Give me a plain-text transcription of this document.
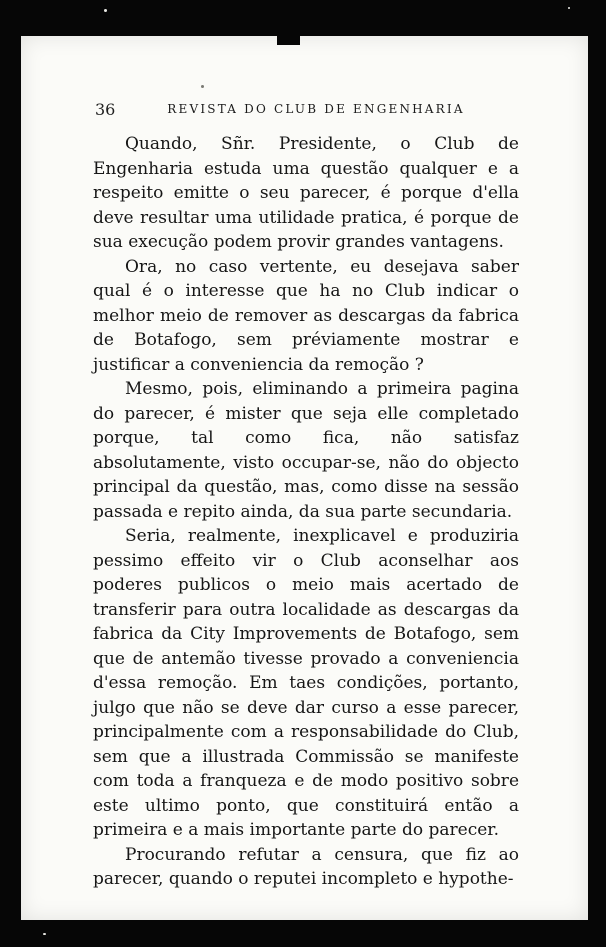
36	REVISTA DO CLUB DE ENGENHARIA

Quando, Sñr. Presidente, o Club de Engenharia estuda uma questão qualquer e a respeito emitte o seu parecer, é porque d'ella deve resultar uma utilidade pratica, é porque de sua execução podem provir grandes vantagens.

Ora, no caso vertente, eu desejava saber qual é o interesse que ha no Club indicar o melhor meio de remover as descargas da fabrica de Botafogo, sem préviamente mostrar e justificar a conveniencia da remoção ?

Mesmo, pois, eliminando a primeira pagina do parecer, é mister que seja elle completado porque, tal como fica, não satisfaz absolutamente, visto occupar-se, não do objecto principal da questão, mas, como disse na sessão passada e repito ainda, da sua parte secundaria.

Seria, realmente, inexplicavel e produziria pessimo effeito vir o Club aconselhar aos poderes publicos o meio mais acertado de transferir para outra localidade as descargas da fabrica da City Improvements de Botafogo, sem que de antemão tivesse provado a conveniencia d'essa remoção. Em taes condições, portanto, julgo que não se deve dar curso a esse parecer, principalmente com a responsabilidade do Club, sem que a illustrada Commissão se manifeste com toda a franqueza e de modo positivo sobre este ultimo ponto, que constituirá então a primeira e a mais importante parte do parecer.

Procurando refutar a censura, que fiz ao parecer, quando o reputei incompleto e hypothe-
